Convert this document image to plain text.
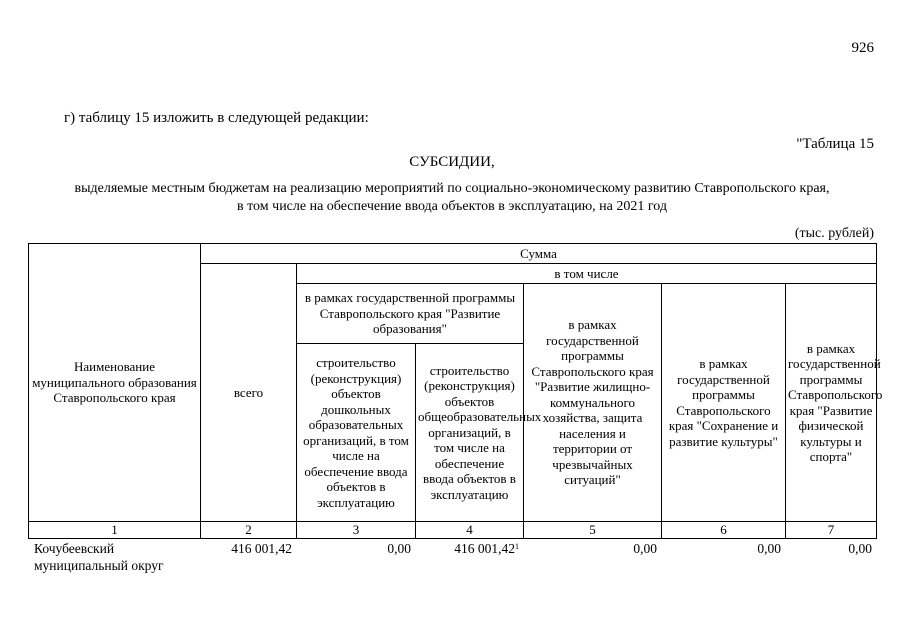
926
г) таблицу 15 изложить в следующей редакции:
"Таблица 15
СУБСИДИИ,
выделяемые местным бюджетам на реализацию мероприятий по социально-экономическому развитию Ставропольского края,
в том числе на обеспечение ввода объектов в эксплуатацию, на 2021 год
(тыс. рублей)
Наименование муниципального образования Ставропольского края	Сумма					
	всего	в том числе				
		в рамках государственной программы Ставропольского края "Развитие образования"		в рамках государственной программы Ставропольского края "Развитие жилищно-коммунального хозяйства, защита населения и территории от чрезвычайных ситуаций"	в рамках государственной программы Ставропольского края "Сохранение и развитие культуры"	в рамках государственной программы Ставропольского края "Развитие физической культуры и спорта"
		строительство (реконструкция) объектов дошкольных образовательных организаций, в том числе на обеспечение ввода объектов в эксплуатацию	строительство (реконструкция) объектов общеобразовательных организаций, в том числе на обеспечение ввода объектов в эксплуатацию			
1	2	3	4	5	6	7
Кочубеевский муниципальный округ	416 001,42	0,00	416 001,42$^1$	0,00	0,00	0,00
